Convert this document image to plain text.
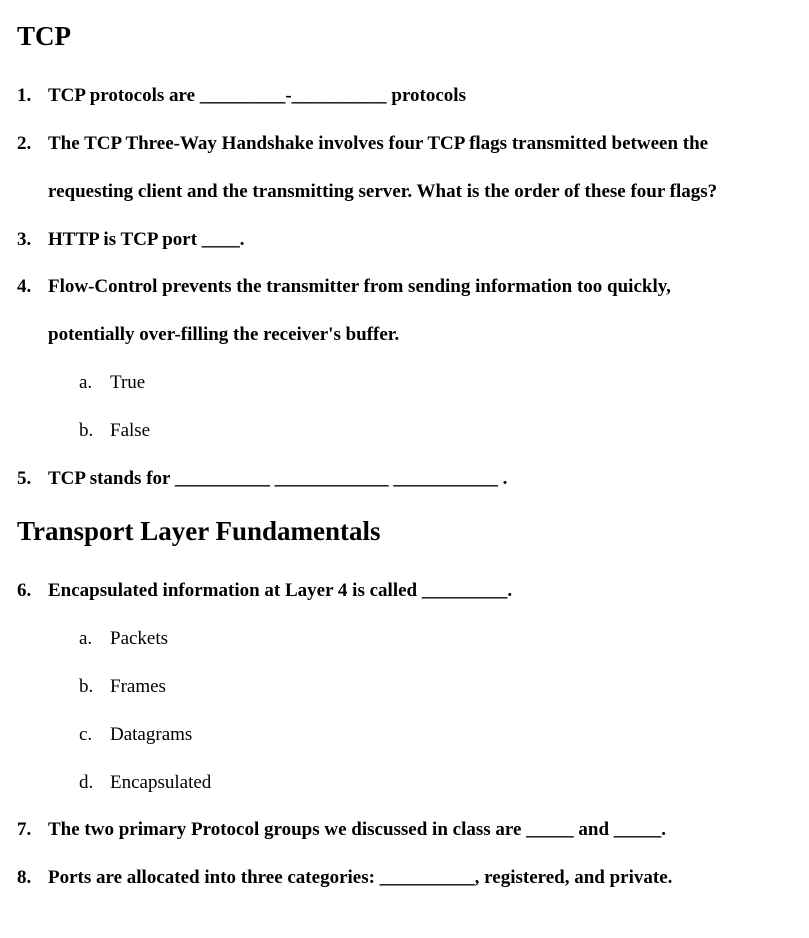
TCP
1. TCP protocols are _________-__________ protocols
2. The TCP Three-Way Handshake involves four TCP flags transmitted between the
requesting client and the transmitting server. What is the order of these four flags?
3. HTTP is TCP port ____.
4. Flow-Control prevents the transmitter from sending information too quickly,
potentially over-filling the receiver's buffer.
a. True
b. False
5. TCP stands for __________ ____________ ___________ .
Transport Layer Fundamentals
6. Encapsulated information at Layer 4 is called _________.
a. Packets
b. Frames
c. Datagrams
d. Encapsulated
7. The two primary Protocol groups we discussed in class are _____ and _____.
8. Ports are allocated into three categories: __________, registered, and private.
